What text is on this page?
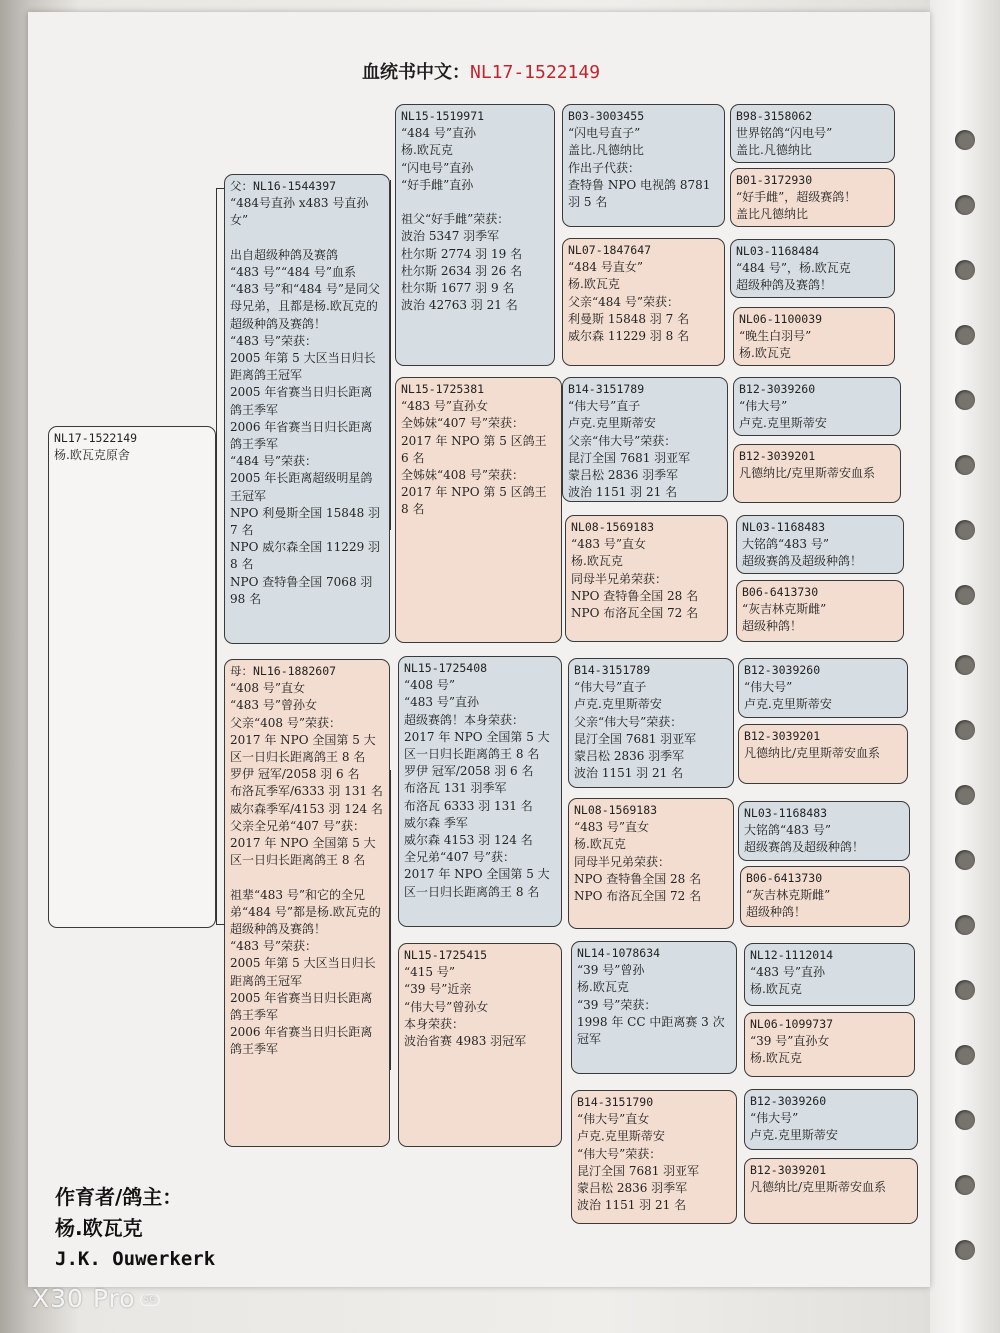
血统书中文：NL17-1522149
NL17-1522149
杨.欧瓦克原舍
父：NL16-1544397
“484号直孙 x483 号直孙女”

出自超级种鸽及赛鸽
“483 号”“484 号”血系
“483 号”和“484 号”是同父母兄弟，且都是杨.欧瓦克的超级种鸽及赛鸽！
“483 号”荣获：
2005 年第 5 大区当日归长距离鸽王冠军
2005 年省赛当日归长距离鸽王季军
2006 年省赛当日归长距离鸽王季军
“484 号”荣获：
2005 年长距离超级明星鸽王冠军
NPO 利曼斯全国 15848 羽 7 名
NPO 威尔森全国 11229 羽 8 名
NPO 查特鲁全国 7068 羽 98 名
母：NL16-1882607
“408 号”直女
“483 号”曾孙女
父亲“408 号”荣获：
2017 年 NPO 全国第 5 大区一日归长距离鸽王 8 名
罗伊 冠军/2058 羽 6 名
布洛瓦季军/6333 羽 131 名
威尔森季军/4153 羽 124 名
父亲全兄弟“407 号”获：
2017 年 NPO 全国第 5 大区一日归长距离鸽王 8 名

祖辈“483 号”和它的全兄弟“484 号”都是杨.欧瓦克的超级种鸽及赛鸽！
“483 号”荣获：
2005 年第 5 大区当日归长距离鸽王冠军
2005 年省赛当日归长距离鸽王季军
2006 年省赛当日归长距离鸽王季军
NL15-1519971
“484 号”直孙
杨.欧瓦克
“闪电号”直孙
“好手雌”直孙

祖父“好手雌”荣获：
波治 5347 羽季军
杜尔斯 2774 羽 19 名
杜尔斯 2634 羽 26 名
杜尔斯 1677 羽 9 名
波治 42763 羽 21 名
NL15-1725381
“483 号”直孙女
全姊妹“407 号”荣获：
2017 年 NPO 第 5 区鸽王 6 名
全姊妹“408 号”荣获：
2017 年 NPO 第 5 区鸽王 8 名
NL15-1725408
“408 号”
“483 号”直孙
超级赛鸽！本身荣获：
2017 年 NPO 全国第 5 大区一日归长距离鸽王 8 名
罗伊 冠军/2058 羽 6 名
布洛瓦 131 羽季军
布洛瓦 6333 羽 131 名
威尔森 季军
威尔森 4153 羽 124 名
全兄弟“407 号”获：
2017 年 NPO 全国第 5 大区一日归长距离鸽王 8 名
NL15-1725415
“415 号”
“39 号”近亲
“伟大号”曾孙女
本身荣获：
波治省赛 4983 羽冠军
B03-3003455
“闪电号直子”
盖比.凡德纳比
作出子代获：
查特鲁 NPO 电视鸽 8781 羽 5 名
NL07-1847647
“484 号直女”
杨.欧瓦克
父亲“484 号”荣获：
利曼斯 15848 羽 7 名
威尔森 11229 羽 8 名
B14-3151789
“伟大号”直子
卢克.克里斯蒂安
父亲“伟大号”荣获：
昆汀全国 7681 羽亚军
蒙吕松 2836 羽季军
波治 1151 羽 21 名
NL08-1569183
“483 号”直女
杨.欧瓦克
同母半兄弟荣获：
NPO 查特鲁全国 28 名
NPO 布洛瓦全国 72 名
B14-3151789
“伟大号”直子
卢克.克里斯蒂安
父亲“伟大号”荣获：
昆汀全国 7681 羽亚军
蒙吕松 2836 羽季军
波治 1151 羽 21 名
NL08-1569183
“483 号”直女
杨.欧瓦克
同母半兄弟荣获：
NPO 查特鲁全国 28 名
NPO 布洛瓦全国 72 名
NL14-1078634
“39 号”曾孙
杨.欧瓦克
“39 号”荣获：
1998 年 CC 中距离赛 3 次冠军
B14-3151790
“伟大号”直女
卢克.克里斯蒂安
“伟大号”荣获：
昆汀全国 7681 羽亚军
蒙吕松 2836 羽季军
波治 1151 羽 21 名
B98-3158062
世界铭鸽“闪电号”
盖比.凡德纳比
B01-3172930
“好手雌”，超级赛鸽！
盖比凡德纳比
NL03-1168484
“484 号”，杨.欧瓦克
超级种鸽及赛鸽！
NL06-1100039
“晚生白羽号”
杨.欧瓦克
B12-3039260
“伟大号”
卢克.克里斯蒂安
B12-3039201
凡德纳比/克里斯蒂安血系
NL03-1168483
大铭鸽“483 号”
超级赛鸽及超级种鸽！
B06-6413730
“灰吉林克斯雌”
超级种鸽！
B12-3039260
“伟大号”
卢克.克里斯蒂安
B12-3039201
凡德纳比/克里斯蒂安血系
NL03-1168483
大铭鸽“483 号”
超级赛鸽及超级种鸽！
B06-6413730
“灰吉林克斯雌”
超级种鸽！
NL12-1112014
“483 号”直孙
杨.欧瓦克
NL06-1099737
“39 号”直孙女
杨.欧瓦克
B12-3039260
“伟大号”
卢克.克里斯蒂安
B12-3039201
凡德纳比/克里斯蒂安血系
作育者/鸽主：
杨.欧瓦克
J.K. Ouwerkerk
X30 Pro 5G
